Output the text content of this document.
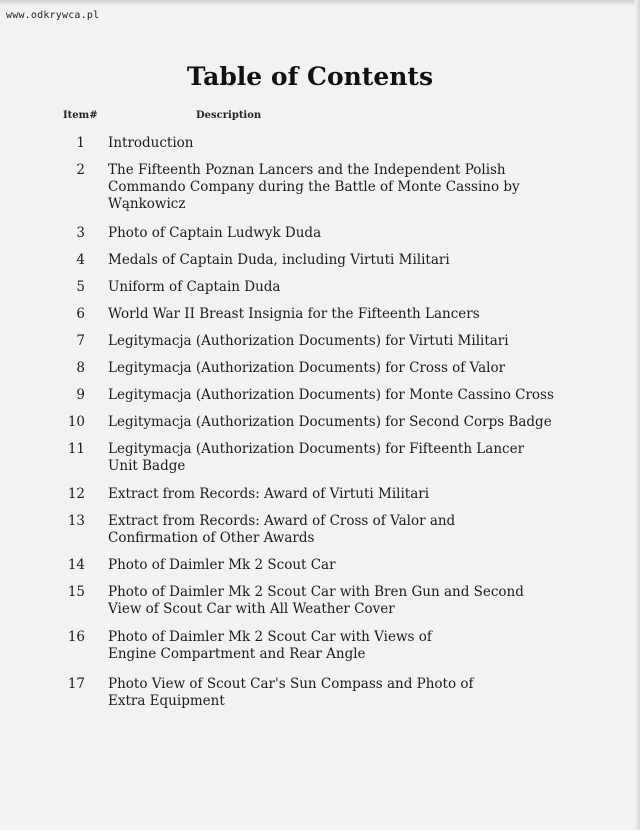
www.odkrywca.pl
Table of Contents
Item#	Description
1 Introduction
2 The Fifteenth Poznan Lancers and the Independent Polish
Commando Company during the Battle of Monte Cassino by
Wąnkowicz
3 Photo of Captain Ludwyk Duda
4 Medals of Captain Duda, including Virtuti Militari
5 Uniform of Captain Duda
6 World War II Breast Insignia for the Fifteenth Lancers
7 Legitymacja (Authorization Documents) for Virtuti Militari
8 Legitymacja (Authorization Documents) for Cross of Valor
9 Legitymacja (Authorization Documents) for Monte Cassino Cross
10 Legitymacja (Authorization Documents) for Second Corps Badge
11 Legitymacja (Authorization Documents) for Fifteenth Lancer
Unit Badge
12 Extract from Records: Award of Virtuti Militari
13 Extract from Records: Award of Cross of Valor and
Confirmation of Other Awards
14 Photo of Daimler Mk 2 Scout Car
15 Photo of Daimler Mk 2 Scout Car with Bren Gun and Second
View of Scout Car with All Weather Cover
16 Photo of Daimler Mk 2 Scout Car with Views of
Engine Compartment and Rear Angle
17 Photo View of Scout Car's Sun Compass and Photo of
Extra Equipment
